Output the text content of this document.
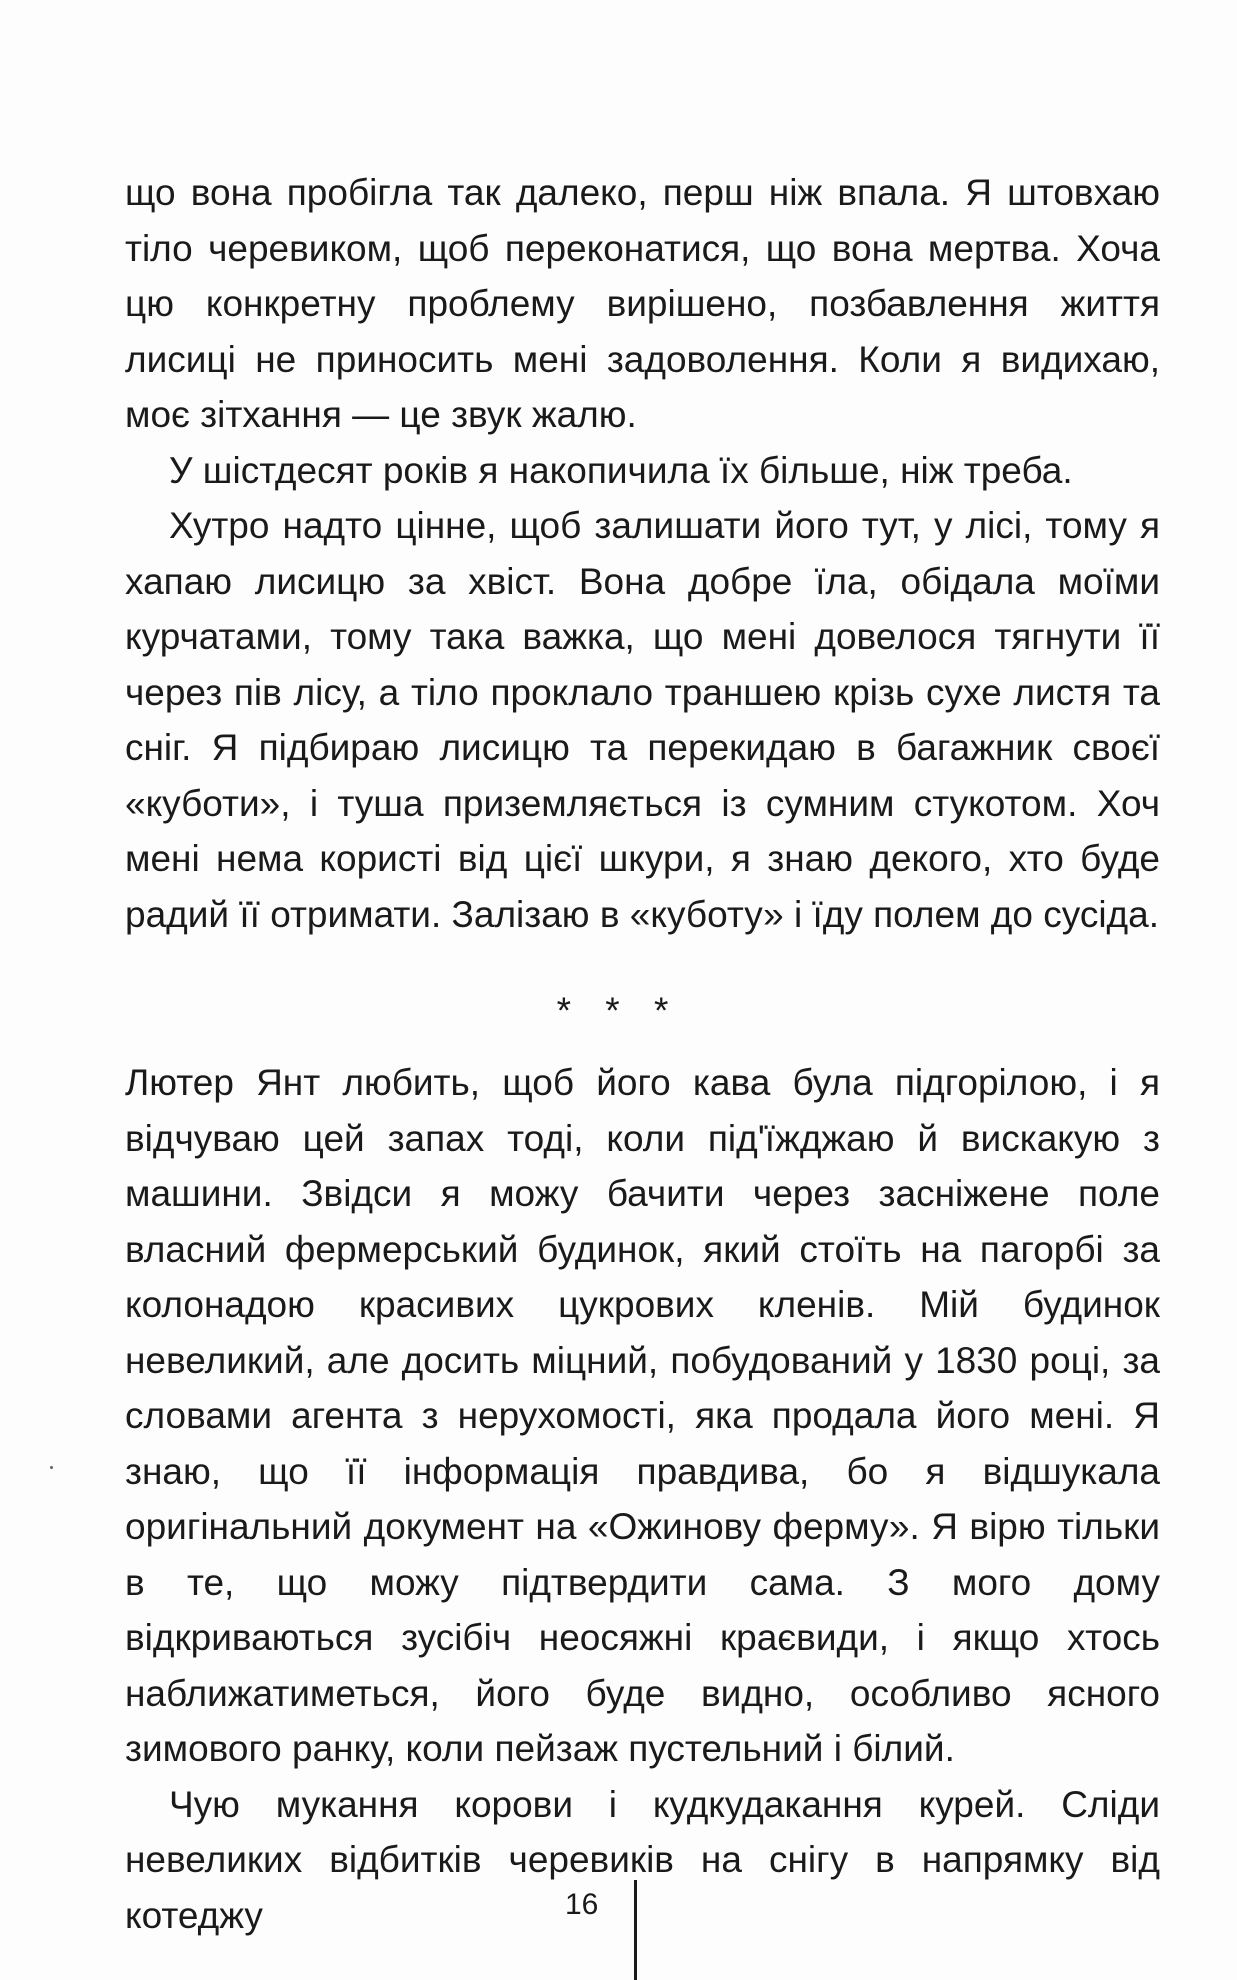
що вона пробігла так далеко, перш ніж впала. Я штовхаю тіло черевиком, щоб переконатися, що вона мертва. Хоча цю конкретну проблему вирішено, позбавлення життя лисиці не приносить мені задоволення. Коли я видихаю, моє зітхання — це звук жалю.

У шістдесят років я накопичила їх більше, ніж треба.

Хутро надто цінне, щоб залишати його тут, у лісі, тому я хапаю лисицю за хвіст. Вона добре їла, обідала моїми курчатами, тому така важка, що мені довелося тягнути її через пів лісу, а тіло проклало траншею крізь сухе листя та сніг. Я підбираю лисицю та перекидаю в багажник своєї «куботи», і туша приземляється із сумним стукотом. Хоч мені нема користі від цієї шкури, я знаю декого, хто буде радий її отримати. Залізаю в «куботу» і їду полем до сусіда.

* * *

Лютер Янт любить, щоб його кава була підгорілою, і я відчуваю цей запах тоді, коли під'їжджаю й вискакую з машини. Звідси я можу бачити через засніжене поле власний фермерський будинок, який стоїть на пагорбі за колонадою красивих цукрових кленів. Мій будинок невеликий, але досить міцний, побудований у 1830 році, за словами агента з нерухомості, яка продала його мені. Я знаю, що її інформація правдива, бо я відшукала оригінальний документ на «Ожинову ферму». Я вірю тільки в те, що можу підтвердити сама. З мого дому відкриваються зусібіч неосяжні краєвиди, і якщо хтось наближатиметься, його буде видно, особливо ясного зимового ранку, коли пейзаж пустельний і білий.

Чую мукання корови і кудкудакання курей. Сліди невеликих відбитків черевиків на снігу в напрямку від котеджу	16
